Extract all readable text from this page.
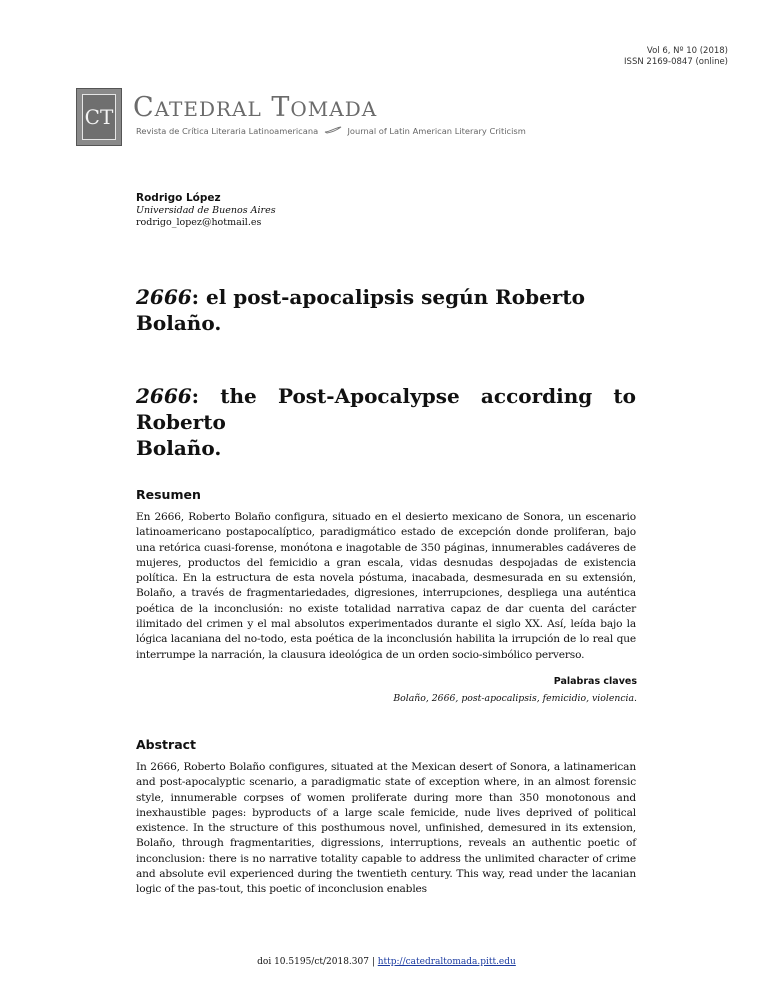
Vol 6, Nº 10 (2018)
ISSN 2169-0847 (online)
CT CATEDRAL TOMADA
Revista de Crítica Literaria Latinoamericana	Journal of Latin American Literary Criticism
Rodrigo López
Universidad de Buenos Aires
rodrigo_lopez@hotmail.es
2666: el post-apocalipsis según Roberto Bolaño.
2666: the Post-Apocalypse according to Roberto
Bolaño.
Resumen

En 2666, Roberto Bolaño configura, situado en el desierto mexicano de Sonora, un escenario latinoamericano postapocalíptico, paradigmático estado de excepción donde proliferan, bajo una retórica cuasi-forense, monótona e inagotable de 350 páginas, innumerables cadáveres de mujeres, productos del femicidio a gran escala, vidas desnudas despojadas de existencia política. En la estructura de esta novela póstuma, inacabada, desmesurada en su extensión, Bolaño, a través de fragmentariedades, digresiones, interrupciones, despliega una auténtica poética de la inconclusión: no existe totalidad narrativa capaz de dar cuenta del carácter ilimitado del crimen y el mal absolutos experimentados durante el siglo XX. Así, leída bajo la lógica lacaniana del no-todo, esta poética de la inconclusión habilita la irrupción de lo real que interrumpe la narración, la clausura ideológica de un orden socio-simbólico perverso.

Palabras claves
Bolaño, 2666, post-apocalipsis, femicidio, violencia.
Abstract

In 2666, Roberto Bolaño configures, situated at the Mexican desert of Sonora, a latinamerican and post-apocalyptic scenario, a paradigmatic state of exception where, in an almost forensic style, innumerable corpses of women proliferate during more than 350 monotonous and inexhaustible pages: byproducts of a large scale femicide, nude lives deprived of political existence. In the structure of this posthumous novel, unfinished, demesured in its extension, Bolaño, through fragmentarities, digressions, interruptions, reveals an authentic poetic of inconclusion: there is no narrative totality capable to address the unlimited character of crime and absolute evil experienced during the twentieth century. This way, read under the lacanian logic of the pas-tout, this poetic of inconclusion enables

doi 10.5195/ct/2018.307 | http://catedraltomada.pitt.edu
